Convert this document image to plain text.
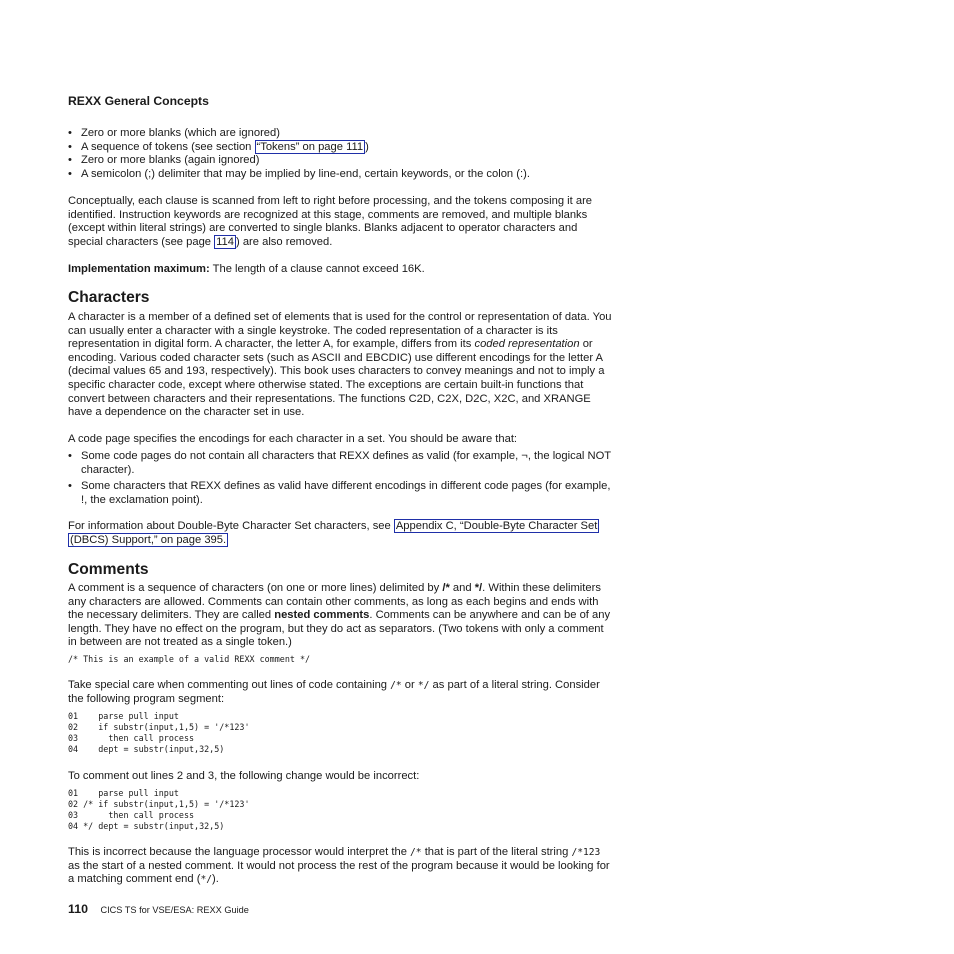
REXX General Concepts
• Zero or more blanks (which are ignored)
• A sequence of tokens (see section “Tokens” on page 111 )
• Zero or more blanks (again ignored)
• A semicolon (;) delimiter that may be implied by line-end, certain keywords, or the colon (:).

Conceptually, each clause is scanned from left to right before processing, and the tokens composing it are identified. Instruction keywords are recognized at this stage, comments are removed, and multiple blanks (except within literal strings) are converted to single blanks. Blanks adjacent to operator characters and special characters (see page 114 ) are also removed.

Implementation maximum: The length of a clause cannot exceed 16K.

Characters

A character is a member of a defined set of elements that is used for the control or representation of data. You can usually enter a character with a single keystroke. The coded representation of a character is its representation in digital form. A character, the letter A, for example, differs from its coded representation or encoding. Various coded character sets (such as ASCII and EBCDIC) use different encodings for the letter A (decimal values 65 and 193, respectively). This book uses characters to convey meanings and not to imply a specific character code, except where otherwise stated. The exceptions are certain built-in functions that convert between characters and their representations. The functions C2D, C2X, D2C, X2C, and XRANGE have a dependence on the character set in use.

A code page specifies the encodings for each character in a set. You should be aware that:

• Some code pages do not contain all characters that REXX defines as valid (for example, ¬, the logical NOT character).
• Some characters that REXX defines as valid have different encodings in different code pages (for example, !, the exclamation point).

For information about Double-Byte Character Set characters, see Appendix C, “Double-Byte Character Set
(DBCS) Support,” on page 395.

Comments

A comment is a sequence of characters (on one or more lines) delimited by /* and */. Within these delimiters any characters are allowed. Comments can contain other comments, as long as each begins and ends with the necessary delimiters. They are called nested comments. Comments can be anywhere and can be of any length. They have no effect on the program, but they do act as separators. (Two tokens with only a comment in between are not treated as a single token.)

/* This is an example of a valid REXX comment */

Take special care when commenting out lines of code containing /* or */ as part of a literal string. Consider the following program segment:

01    parse pull input
02    if substr(input,1,5) = '/*123'
03      then call process
04    dept = substr(input,32,5)

To comment out lines 2 and 3, the following change would be incorrect:

01    parse pull input
02 /* if substr(input,1,5) = '/*123'
03      then call process
04 */ dept = substr(input,32,5)

This is incorrect because the language processor would interpret the /* that is part of the literal string /*123 as the start of a nested comment. It would not process the rest of the program because it would be looking for a matching comment end (*/).

110 CICS TS for VSE/ESA: REXX Guide
